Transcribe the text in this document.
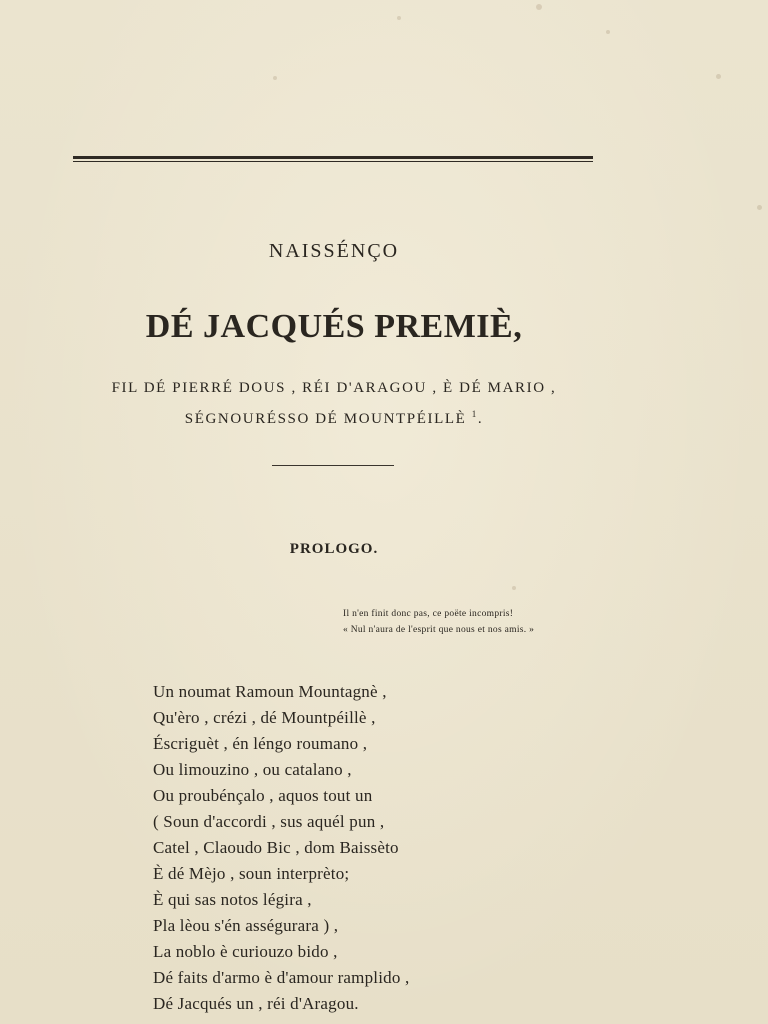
NAISSÉNÇO
DÉ JACQUÉS PREMIÈ,
FIL DÉ PIERRÉ DOUS , RÉI D'ARAGOU , È DÉ MARIO ,
SÉGNOURÉSSO DÉ MOUNTPÉILLÈ $^1$.
PROLOGO.
Il n'en finit donc pas, ce poëte incompris!
« Nul n'aura de l'esprit que nous et nos amis. »
Un noumat Ramoun Mountagnè ,
Qu'èro , crézi , dé Mountpéillè ,
Éscriguèt , én léngo roumano ,
Ou limouzino , ou catalano ,
Ou proubénçalo , aquos tout un
( Soun d'accordi , sus aquél pun ,
Catel , Claoudo Bic , dom Baissèto
È dé Mèjo , soun interprèto;
È qui sas notos légira ,
Pla lèou s'én asségurara ) ,
La noblo è curiouzo bido ,
Dé faits d'armo è d'amour ramplido ,
Dé Jacqués un , réi d'Aragou.
